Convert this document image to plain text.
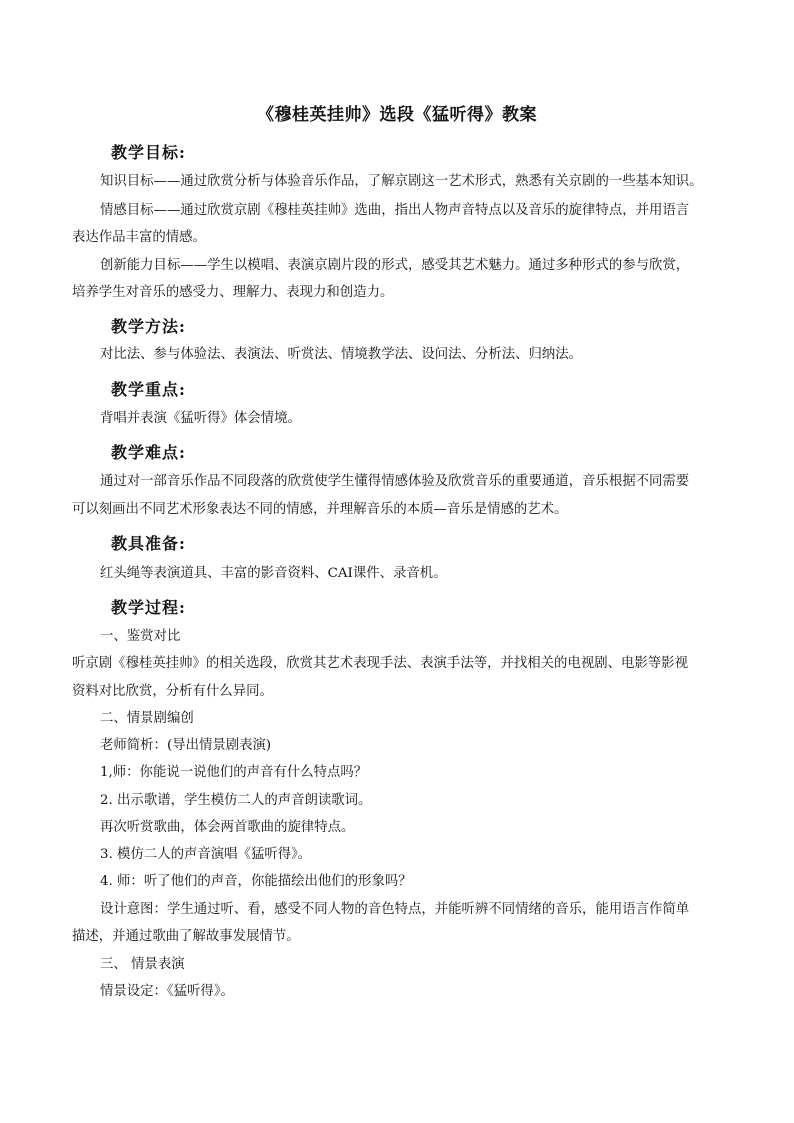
《穆桂英挂帅》选段《猛听得》教案
教学目标:
知识目标——通过欣赏分析与体验音乐作品，了解京剧这一艺术形式，熟悉有关京剧的一些基本知识。
情感目标——通过欣赏京剧《穆桂英挂帅》选曲，指出人物声音特点以及音乐的旋律特点，并用语言
表达作品丰富的情感。
创新能力目标——学生以模唱、表演京剧片段的形式，感受其艺术魅力。通过多种形式的参与欣赏，
培养学生对音乐的感受力、理解力、表现力和创造力。
教学方法:
对比法、参与体验法、表演法、听赏法、情境教学法、设问法、分析法、归纳法。
教学重点:
背唱并表演《猛听得》体会情境。
教学难点:
通过对一部音乐作品不同段落的欣赏使学生懂得情感体验及欣赏音乐的重要通道，音乐根据不同需要
可以刻画出不同艺术形象表达不同的情感，并理解音乐的本质—音乐是情感的艺术。
教具准备:
红头绳等表演道具、丰富的影音资料、CAI课件、录音机。
教学过程:
一、鉴赏对比
听京剧《穆桂英挂帅》的相关选段，欣赏其艺术表现手法、表演手法等，并找相关的电视剧、电影等影视
资料对比欣赏，分析有什么异同。
二、情景剧编创
老师简析：(导出情景剧表演)
1,师：你能说一说他们的声音有什么特点吗？
2. 出示歌谱，学生模仿二人的声音朗读歌词。
再次听赏歌曲，体会两首歌曲的旋律特点。
3. 模仿二人的声音演唱《猛听得》。
4. 师：听了他们的声音，你能描绘出他们的形象吗？
设计意图：学生通过听、看，感受不同人物的音色特点，并能听辨不同情绪的音乐，能用语言作简单
描述，并通过歌曲了解故事发展情节。
三、 情景表演
情景设定：《猛听得》。
